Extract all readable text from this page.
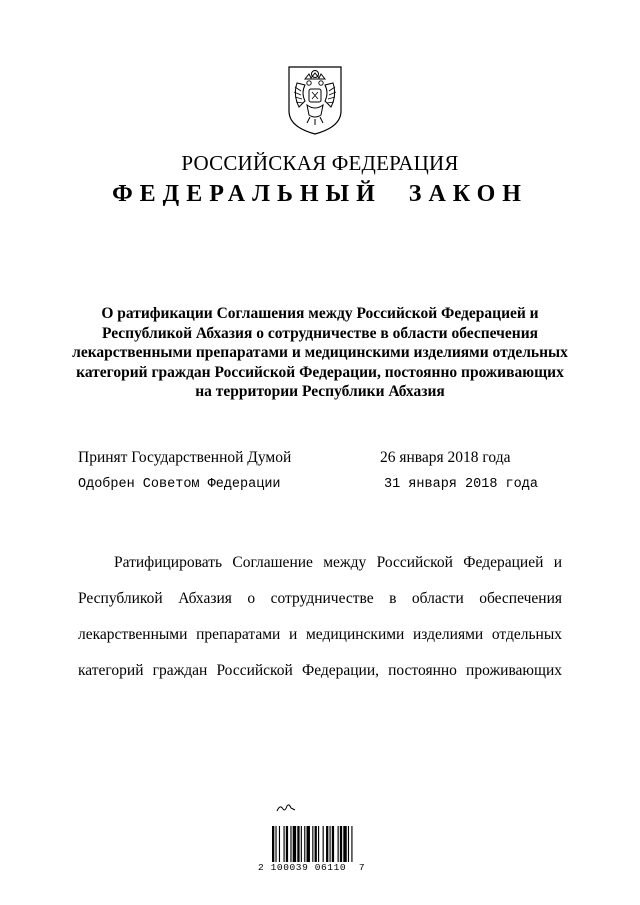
РОССИЙСКАЯ ФЕДЕРАЦИЯ
ФЕДЕРАЛЬНЫЙ ЗАКОН
О ратификации Соглашения между Российской Федерацией и
Республикой Абхазия о сотрудничестве в области обеспечения
лекарственными препаратами и медицинскими изделиями отдельных
категорий граждан Российской Федерации, постоянно проживающих
на территории Республики Абхазия
Принят Государственной Думой	26 января 2018 года
Одобрен Советом Федерации	31 января 2018 года
Ратифицировать Соглашение между Российской Федерацией и
Республикой Абхазия о сотрудничестве в области обеспечения
лекарственными препаратами и медицинскими изделиями отдельных
категорий граждан Российской Федерации, постоянно проживающих
2 100039 06110  7
